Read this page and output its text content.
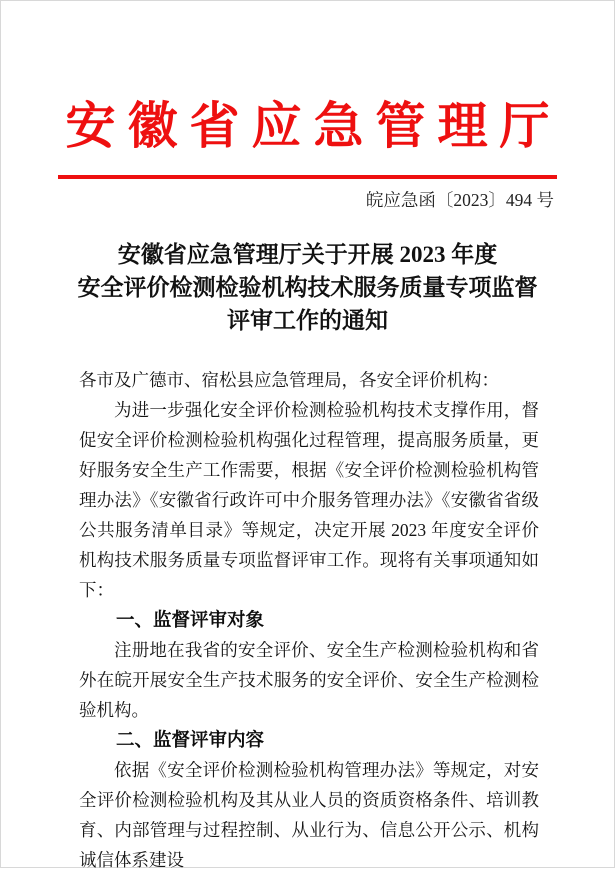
安徽省应急管理厅
皖应急函〔2023〕494 号
安徽省应急管理厅关于开展 2023 年度
安全评价检测检验机构技术服务质量专项监督
评审工作的通知

各市及广德市、宿松县应急管理局，各安全评价机构：

为进一步强化安全评价检测检验机构技术支撑作用，督促安全评价检测检验机构强化过程管理，提高服务质量，更好服务安全生产工作需要，根据《安全评价检测检验机构管理办法》《安徽省行政许可中介服务管理办法》《安徽省省级公共服务清单目录》等规定，决定开展 2023 年度安全评价机构技术服务质量专项监督评审工作。现将有关事项通知如下：

一、监督评审对象

注册地在我省的安全评价、安全生产检测检验机构和省外在皖开展安全生产技术服务的安全评价、安全生产检测检验机构。

二、监督评审内容

依据《安全评价检测检验机构管理办法》等规定，对安全评价检测检验机构及其从业人员的资质资格条件、培训教育、内部管理与过程控制、从业行为、信息公开公示、机构诚信体系建设
